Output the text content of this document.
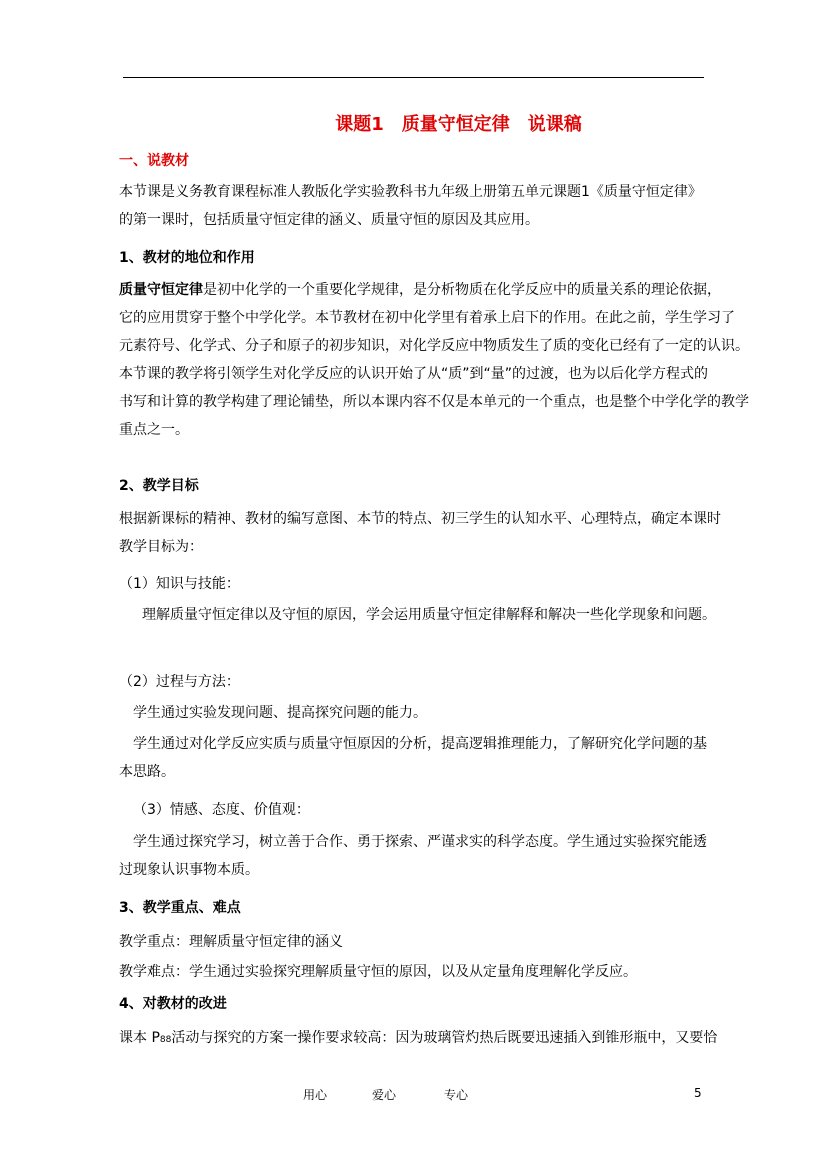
课题1　质量守恒定律 说课稿
一、说教材
本节课是义务教育课程标准人教版化学实验教科书九年级上册第五单元课题1《质量守恒定律》
的第一课时，包括质量守恒定律的涵义、质量守恒的原因及其应用。
1、教材的地位和作用
质量守恒定律是初中化学的一个重要化学规律，是分析物质在化学反应中的质量关系的理论依据，
它的应用贯穿于整个中学化学。本节教材在初中化学里有着承上启下的作用。在此之前，学生学习了
元素符号、化学式、分子和原子的初步知识，对化学反应中物质发生了质的变化已经有了一定的认识。
本节课的教学将引领学生对化学反应的认识开始了从“质”到“量”的过渡，也为以后化学方程式的
书写和计算的教学构建了理论铺垫，所以本课内容不仅是本单元的一个重点，也是整个中学化学的教学
重点之一。
2、教学目标
根据新课标的精神、教材的编写意图、本节的特点、初三学生的认知水平、心理特点，确定本课时
教学目标为：
（1）知识与技能：
理解质量守恒定律以及守恒的原因，学会运用质量守恒定律解释和解决一些化学现象和问题。
（2）过程与方法：
学生通过实验发现问题、提高探究问题的能力。
学生通过对化学反应实质与质量守恒原因的分析，提高逻辑推理能力，了解研究化学问题的基
本思路。
（3）情感、态度、价值观：
学生通过探究学习，树立善于合作、勇于探索、严谨求实的科学态度。学生通过实验探究能透
过现象认识事物本质。
3、教学重点、难点
教学重点：理解质量守恒定律的涵义
教学难点：学生通过实验探究理解质量守恒的原因，以及从定量角度理解化学反应。
4、对教材的改进
课本 P88活动与探究的方案一操作要求较高：因为玻璃管灼热后既要迅速插入到锥形瓶中，又要恰
用心	爱心	专心	5
